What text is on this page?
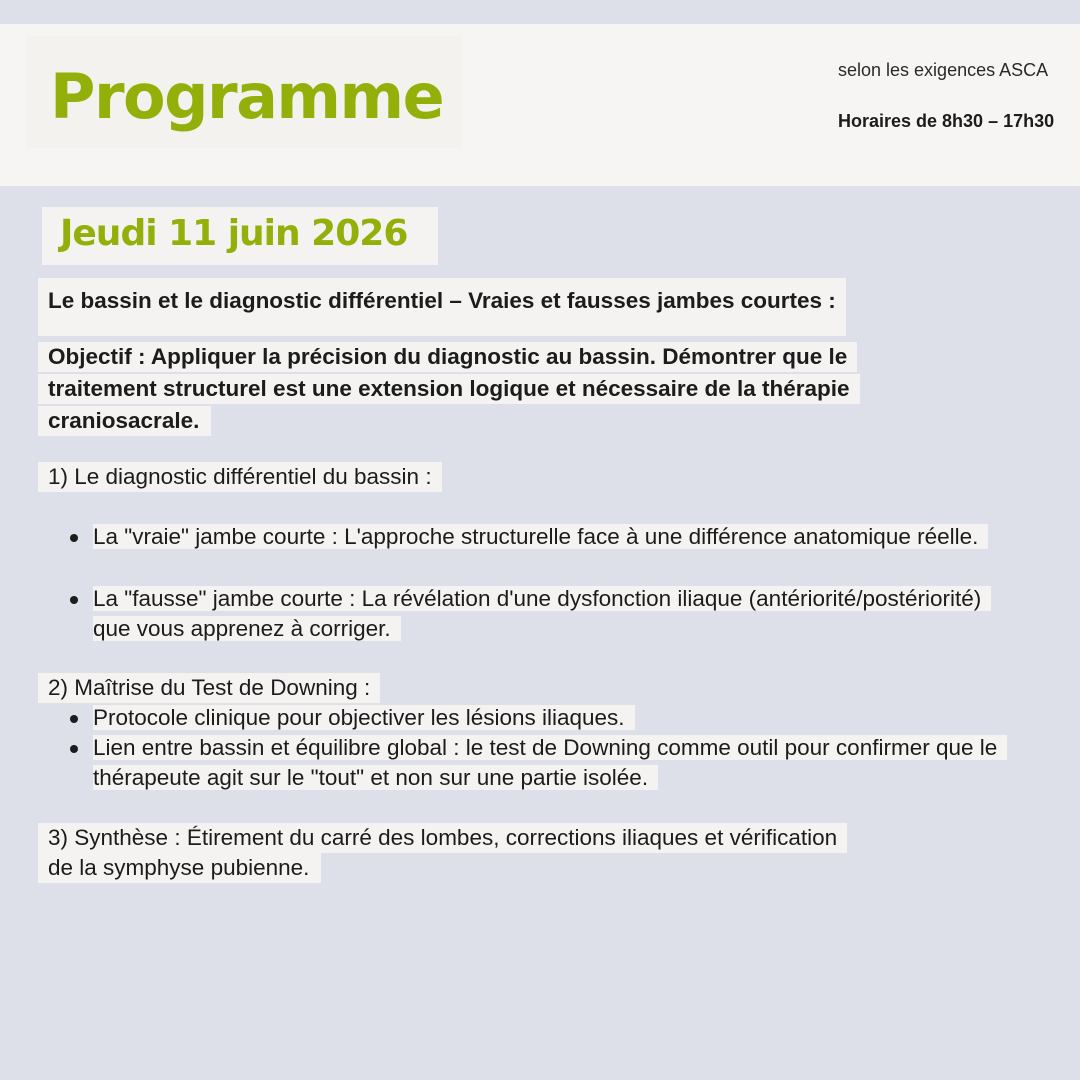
Programme	selon les exigences ASCA
Horaires de 8h30 – 17h30
Jeudi 11 juin 2026
Le bassin et le diagnostic différentiel – Vraies et fausses jambes courtes :
Objectif : Appliquer la précision du diagnostic au bassin. Démontrer que le
traitement structurel est une extension logique et nécessaire de la thérapie
craniosacrale.
1) Le diagnostic différentiel du bassin :
La "vraie" jambe courte : L'approche structurelle face à une différence anatomique réelle.
La "fausse" jambe courte : La révélation d'une dysfonction iliaque (antériorité/postériorité) que vous apprenez à corriger.
2) Maîtrise du Test de Downing :
Protocole clinique pour objectiver les lésions iliaques.
Lien entre bassin et équilibre global : le test de Downing comme outil pour confirmer que le thérapeute agit sur le "tout" et non sur une partie isolée.
3) Synthèse : Étirement du carré des lombes, corrections iliaques et vérification
de la symphyse pubienne.
